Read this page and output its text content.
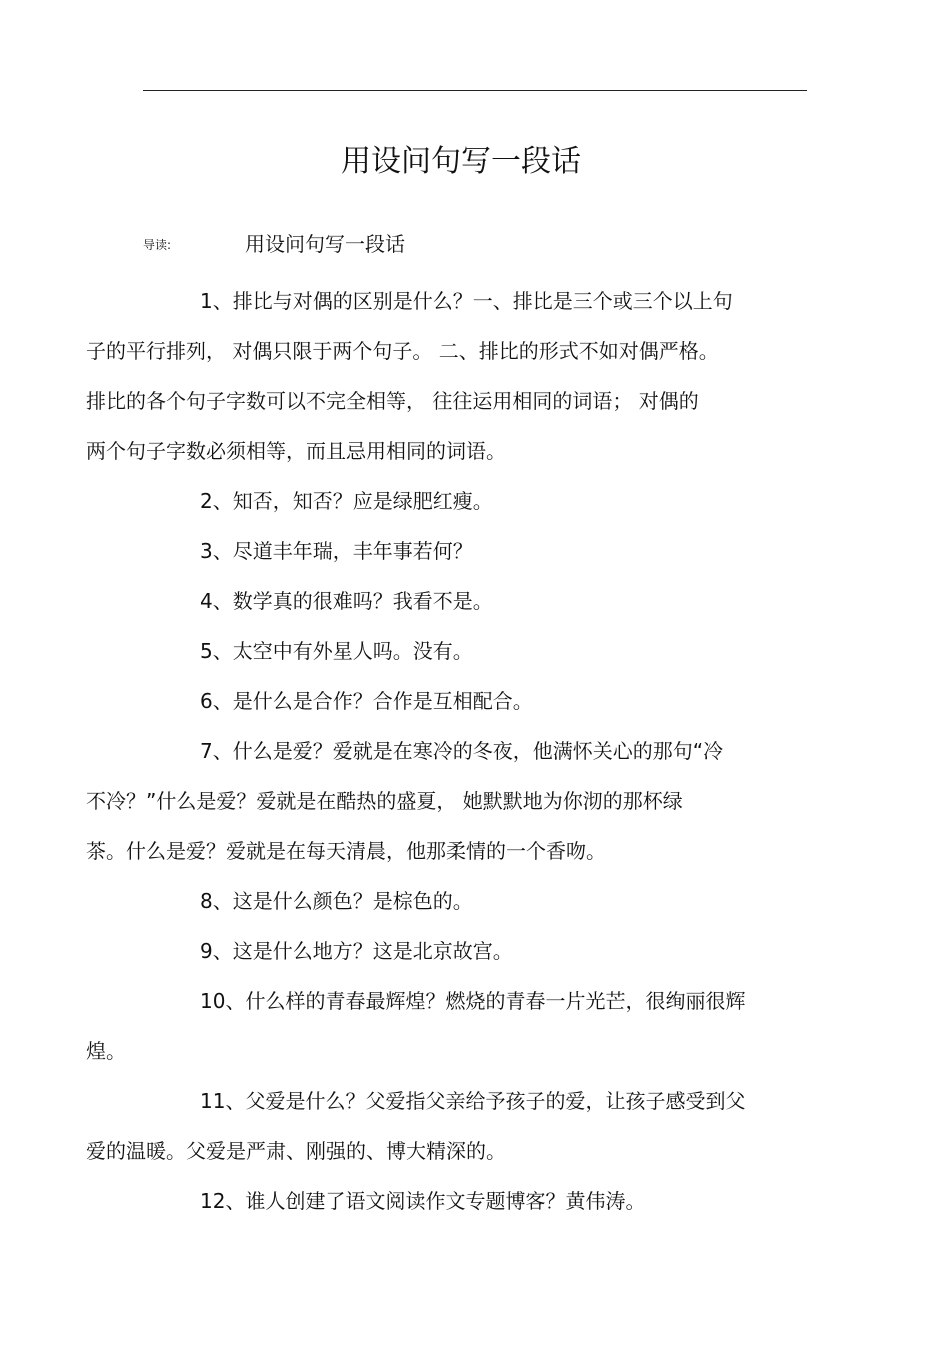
用设问句写一段话
导读:	用设问句写一段话

1、排比与对偶的区别是什么？一、排比是三个或三个以上句
子的平行排列， 对偶只限于两个句子。 二、排比的形式不如对偶严格。
排比的各个句子字数可以不完全相等， 往往运用相同的词语； 对偶的
两个句子字数必须相等，而且忌用相同的词语。

2、知否，知否？应是绿肥红瘦。

3、尽道丰年瑞，丰年事若何？

4、数学真的很难吗？我看不是。

5、太空中有外星人吗。没有。

6、是什么是合作？合作是互相配合。

7、什么是爱？爱就是在寒冷的冬夜，他满怀关心的那句“冷
不冷？”什么是爱？爱就是在酷热的盛夏， 她默默地为你沏的那杯绿
茶。什么是爱？爱就是在每天清晨，他那柔情的一个香吻。

8、这是什么颜色？是棕色的。

9、这是什么地方？这是北京故宫。

10、什么样的青春最辉煌？燃烧的青春一片光芒，很绚丽很辉
煌。

11、父爱是什么？父爱指父亲给予孩子的爱，让孩子感受到父
爱的温暖。父爱是严肃、刚强的、博大精深的。

12、谁人创建了语文阅读作文专题博客？黄伟涛。
